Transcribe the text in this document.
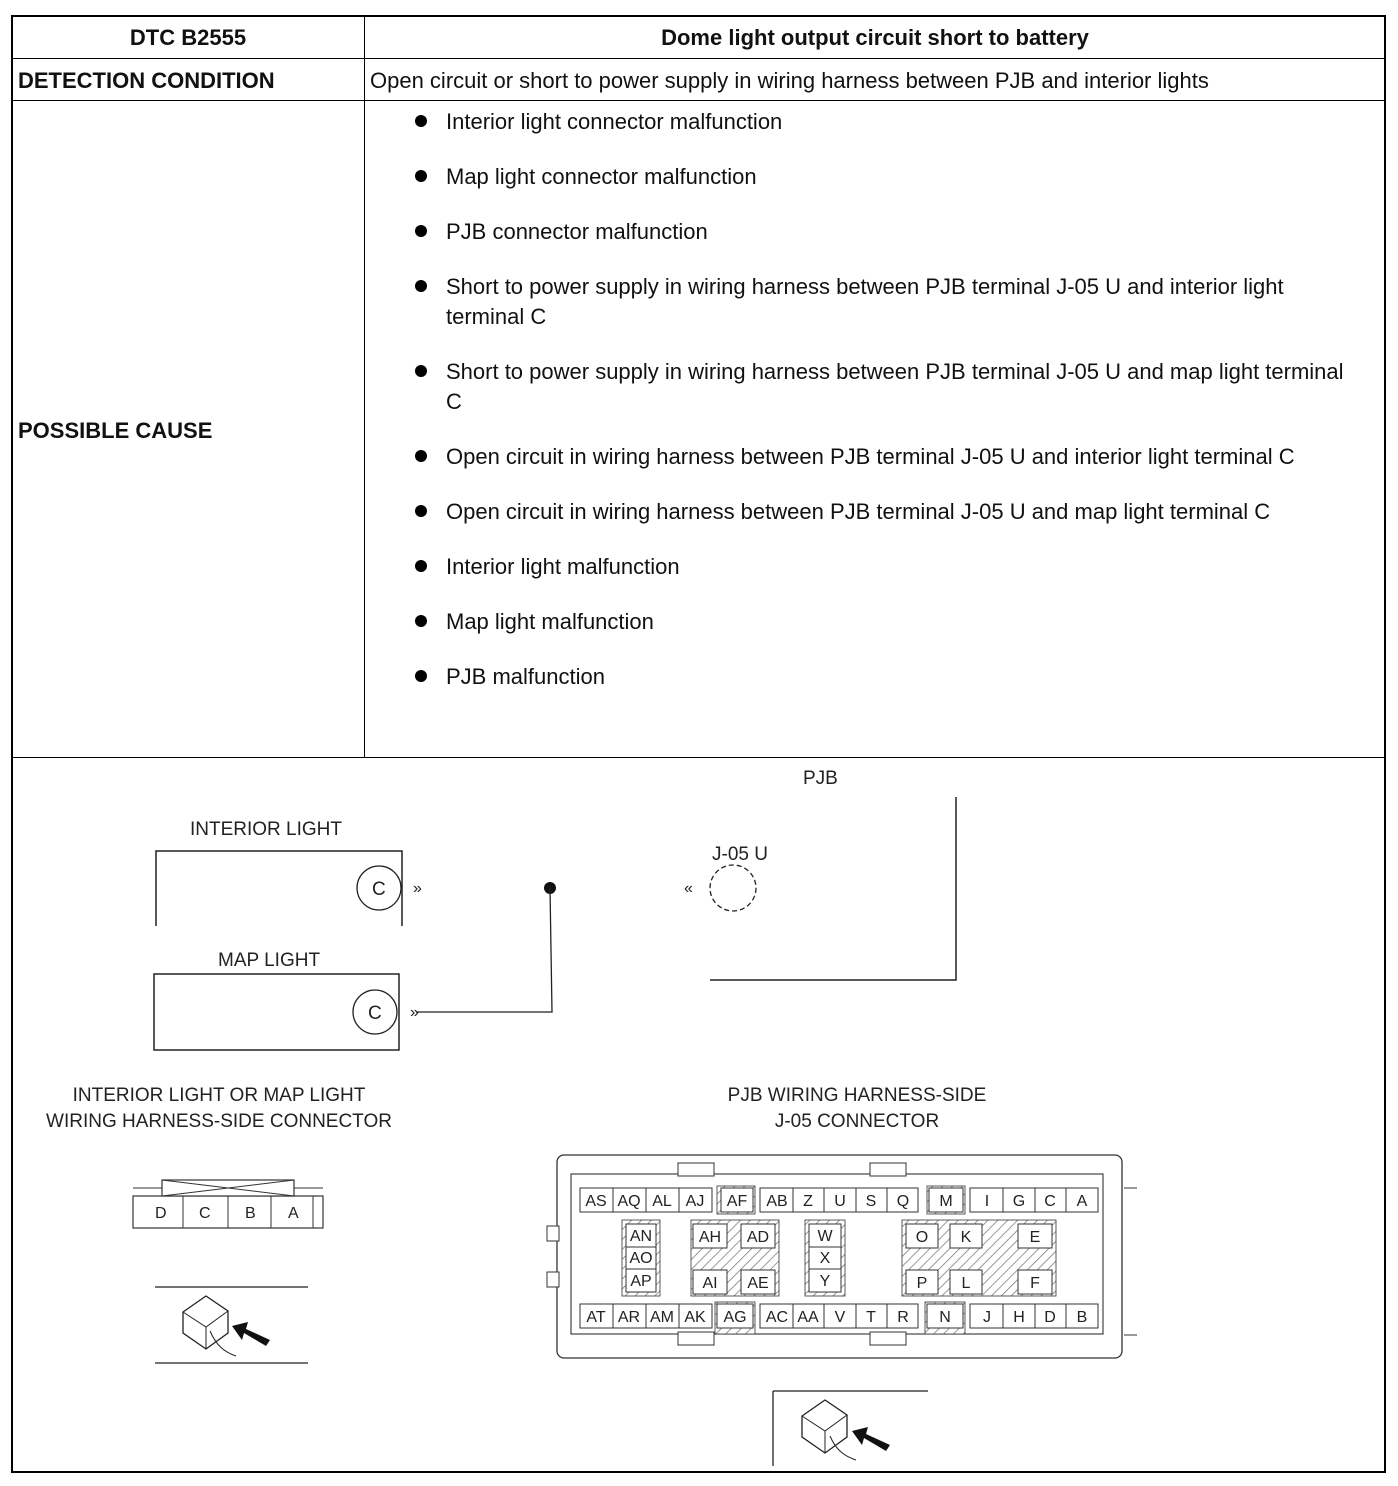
DTC B2555	Dome light output circuit short to battery
DETECTION CONDITION	Open circuit or short to power supply in wiring harness between PJB and interior lights
POSSIBLE CAUSE
Interior light connector malfunction
Map light connector malfunction
PJB connector malfunction
Short to power supply in wiring harness between PJB terminal J-05 U and interior light terminal C
Short to power supply in wiring harness between PJB terminal J-05 U and map light terminal C
Open circuit in wiring harness between PJB terminal J-05 U and interior light terminal C
Open circuit in wiring harness between PJB terminal J-05 U and map light terminal C
Interior light malfunction
Map light malfunction
PJB malfunction
PJB
J-05 U
«
INTERIOR LIGHT
C »
MAP LIGHT
C »
INTERIOR LIGHT OR MAP LIGHT
WIRING HARNESS-SIDE CONNECTOR
D C B A
PJB WIRING HARNESS-SIDE
J-05 CONNECTOR
AS AQ AL AJ AF AB Z U S Q M I G C A
AT AR AM AK AG AC AA V T R N J H D B
AN
AO
AP
AH AD
AI AE
W
X
Y
O K	E
P L	F
